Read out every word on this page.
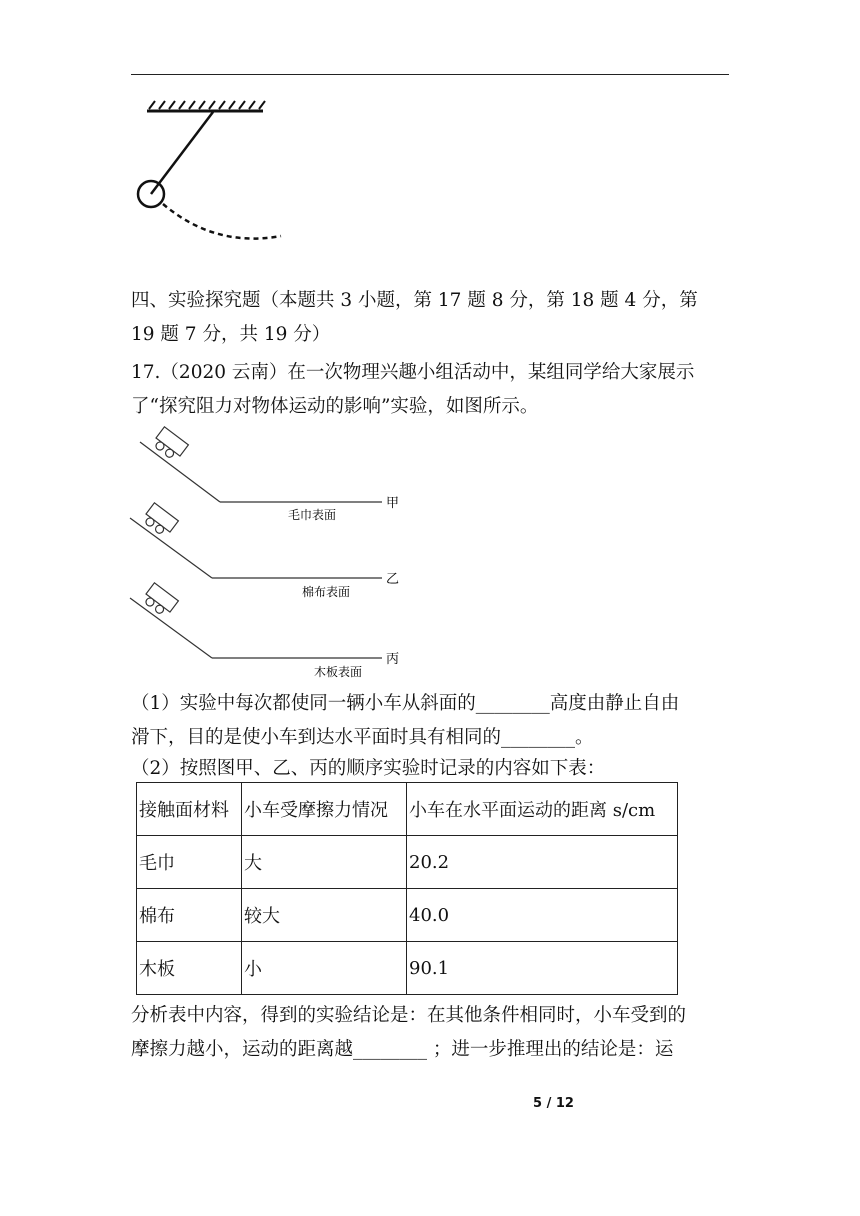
四、实验探究题（本题共 3 小题，第 17 题 8 分，第 18 题 4 分，第
19 题 7 分，共 19 分）
17.（2020 云南）在一次物理兴趣小组活动中，某组同学给大家展示
了“探究阻力对物体运动的影响”实验，如图所示。
毛巾表面
甲
棉布表面
乙
木板表面
丙
（1）实验中每次都使同一辆小车从斜面的________高度由静止自由
滑下，目的是使小车到达水平面时具有相同的________。
（2）按照图甲、乙、丙的顺序实验时记录的内容如下表：
接触面材料	小车受摩擦力情况	小车在水平面运动的距离 s/cm
毛巾	大	20.2
棉布	较大	40.0
木板	小	90.1
分析表中内容，得到的实验结论是：在其他条件相同时，小车受到的
摩擦力越小，运动的距离越________ ；进一步推理出的结论是：运
5 / 12
